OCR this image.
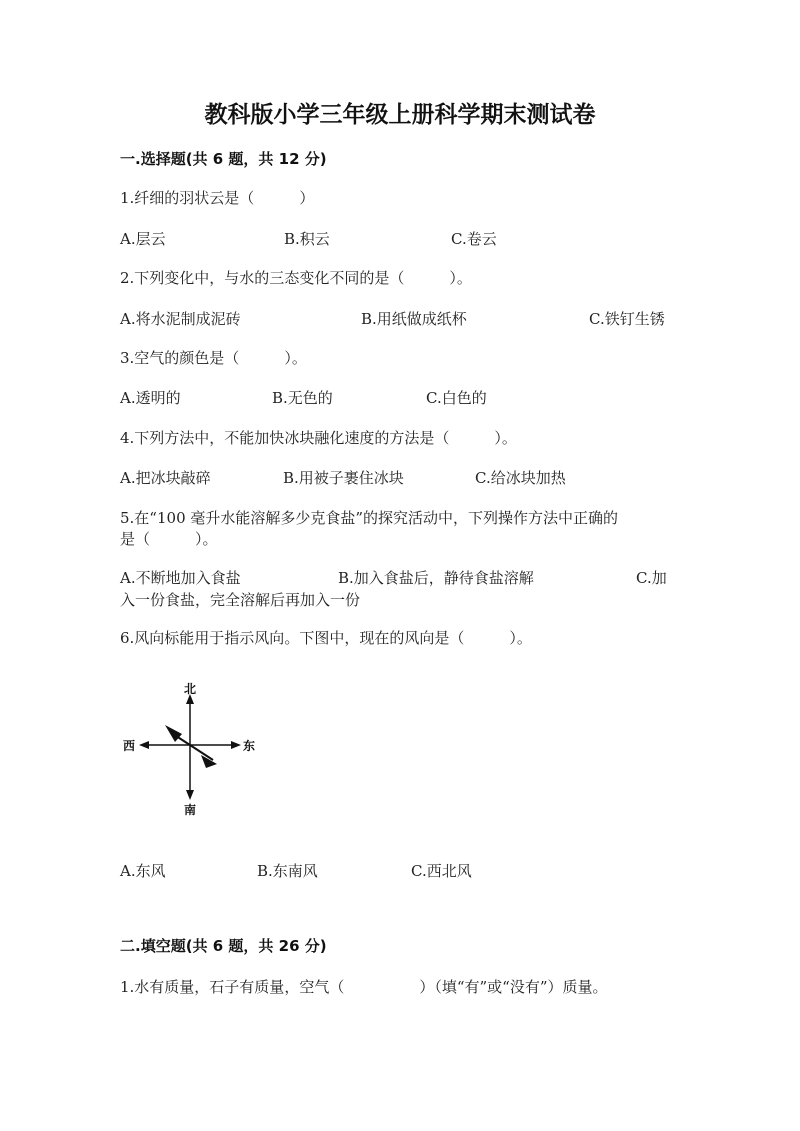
教科版小学三年级上册科学期末测试卷
一.选择题(共 6 题，共 12 分)
1.纤细的羽状云是（　　　）
A.层云	B.积云	C.卷云
2.下列变化中，与水的三态变化不同的是（　　　）。
A.将水泥制成泥砖	B.用纸做成纸杯	C.铁钉生锈
3.空气的颜色是（　　　）。
A.透明的	B.无色的	C.白色的
4.下列方法中，不能加快冰块融化速度的方法是（　　　）。
A.把冰块敲碎	B.用被子裹住冰块	C.给冰块加热
5.在“100 毫升水能溶解多少克食盐”的探究活动中，下列操作方法中正确的
是（　　　）。
A.不断地加入食盐	B.加入食盐后，静待食盐溶解	C.加
入一份食盐，完全溶解后再加入一份
6.风向标能用于指示风向。下图中，现在的风向是（　　　）。
北
南
东
西
A.东风	B.东南风	C.西北风
二.填空题(共 6 题，共 26 分)
1.水有质量，石子有质量，空气（　　　　　）（填“有”或“没有”）质量。
